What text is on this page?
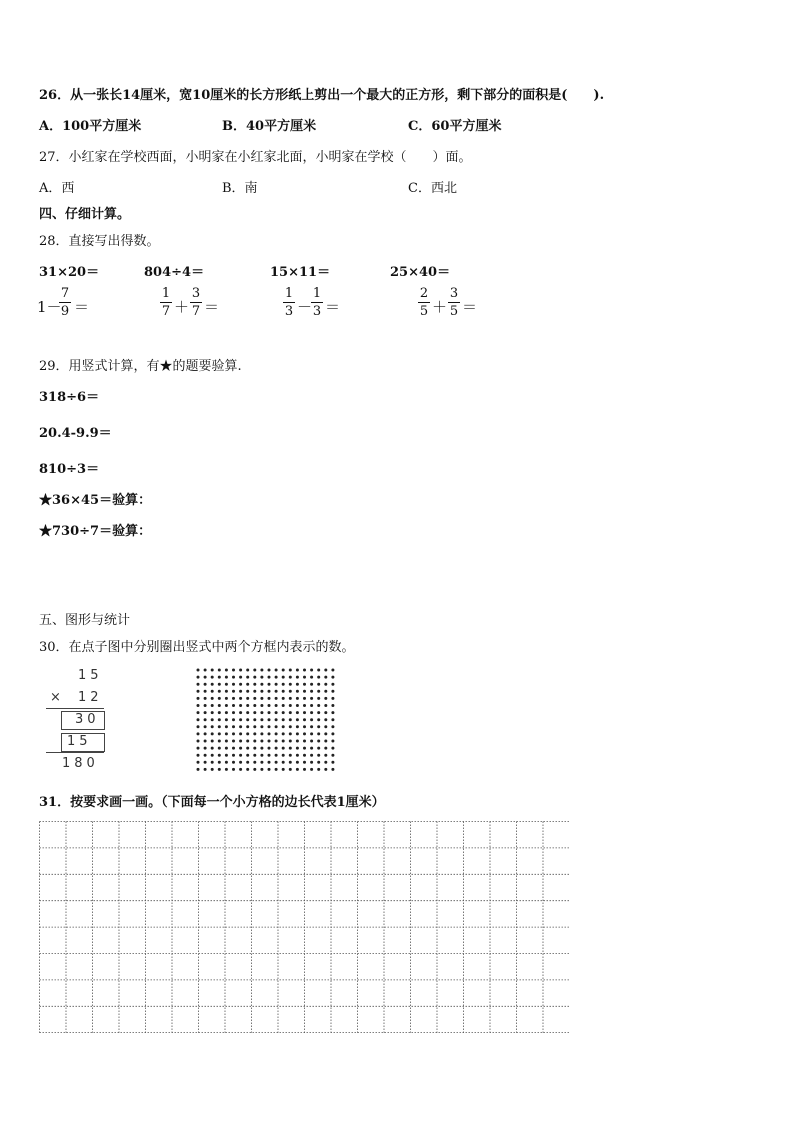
26．从一张长14厘米，宽10厘米的长方形纸上剪出一个最大的正方形，剩下部分的面积是(　　).
A．100平方厘米	B．40平方厘米	C．60平方厘米
27．小红家在学校西面，小明家在小红家北面，小明家在学校（　　）面。
A．西	B．南	C．西北
四、仔细计算。
28．直接写出得数。
31×20＝	804÷4＝	15×11＝	25×40＝
1－
7
9 ＝
1
7 ＋
3
7 ＝
1
3 －
1
3 ＝
2
5 ＋
3
5 ＝
29．用竖式计算，有★的题要验算.
318÷6＝
20.4-9.9＝
810÷3＝
★36×45＝验算：
★730÷7＝验算：
五、图形与统计
30．在点子图中分别圈出竖式中两个方框内表示的数。
15
× 12
30
15
180
31．按要求画一画。（下面每一个小方格的边长代表1厘米）
